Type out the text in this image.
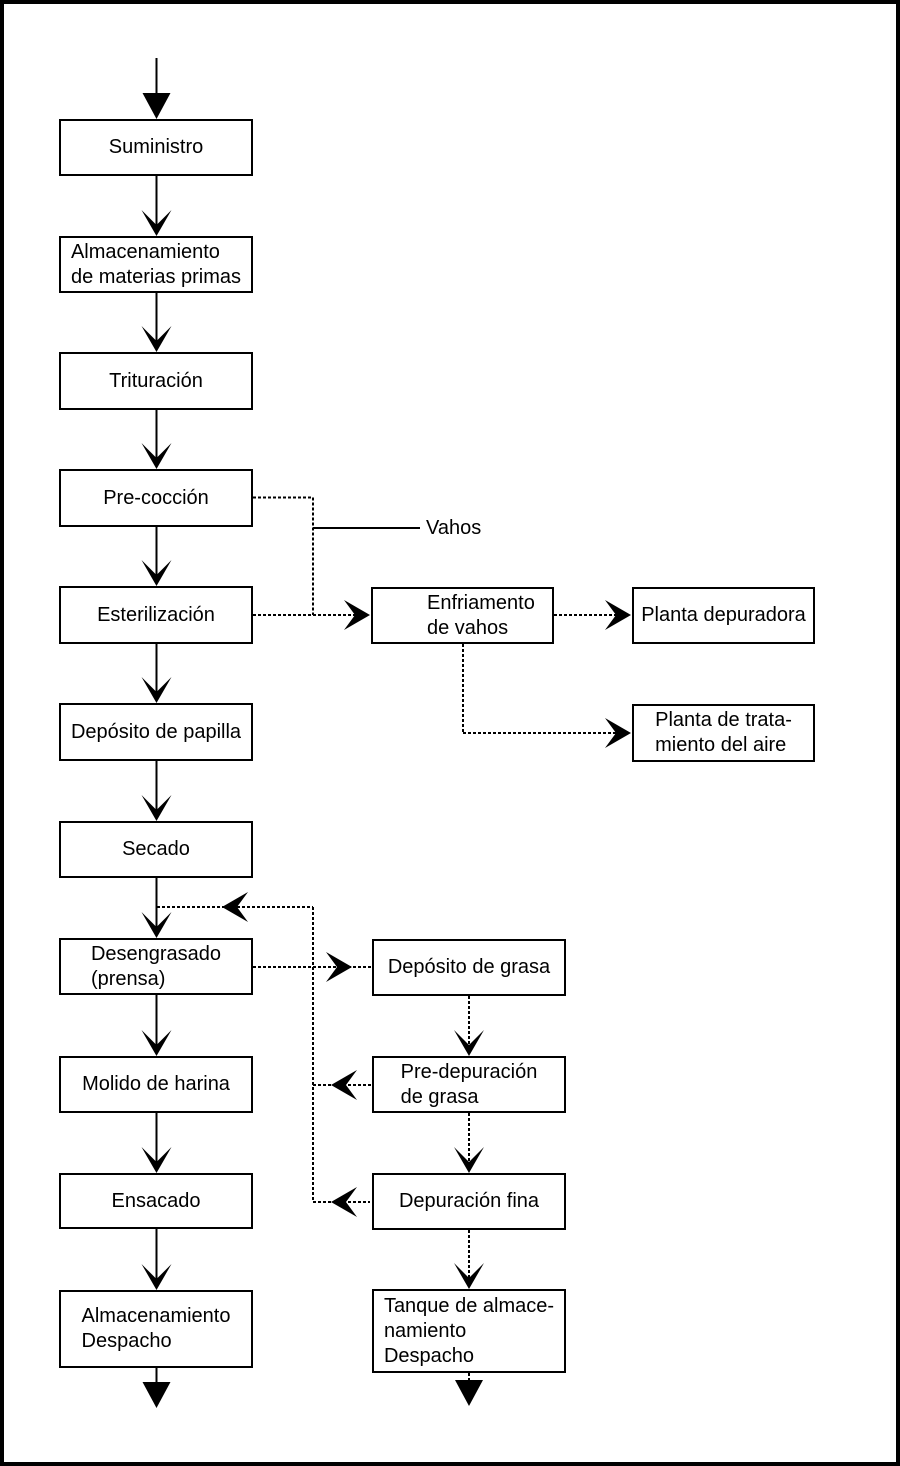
Suministro
Almacenamiento
de materias primas
Trituración
Pre-cocción
Esterilización
Depósito de papilla
Secado
Desengrasado
(prensa)
Molido de harina
Ensacado
Almacenamiento
Despacho
Enfriamento
de vahos
Planta depuradora
Planta de trata-
miento del aire
Depósito de grasa
Pre-depuración
de grasa
Depuración fina
Tanque de almace-
namiento
Despacho
Vahos
